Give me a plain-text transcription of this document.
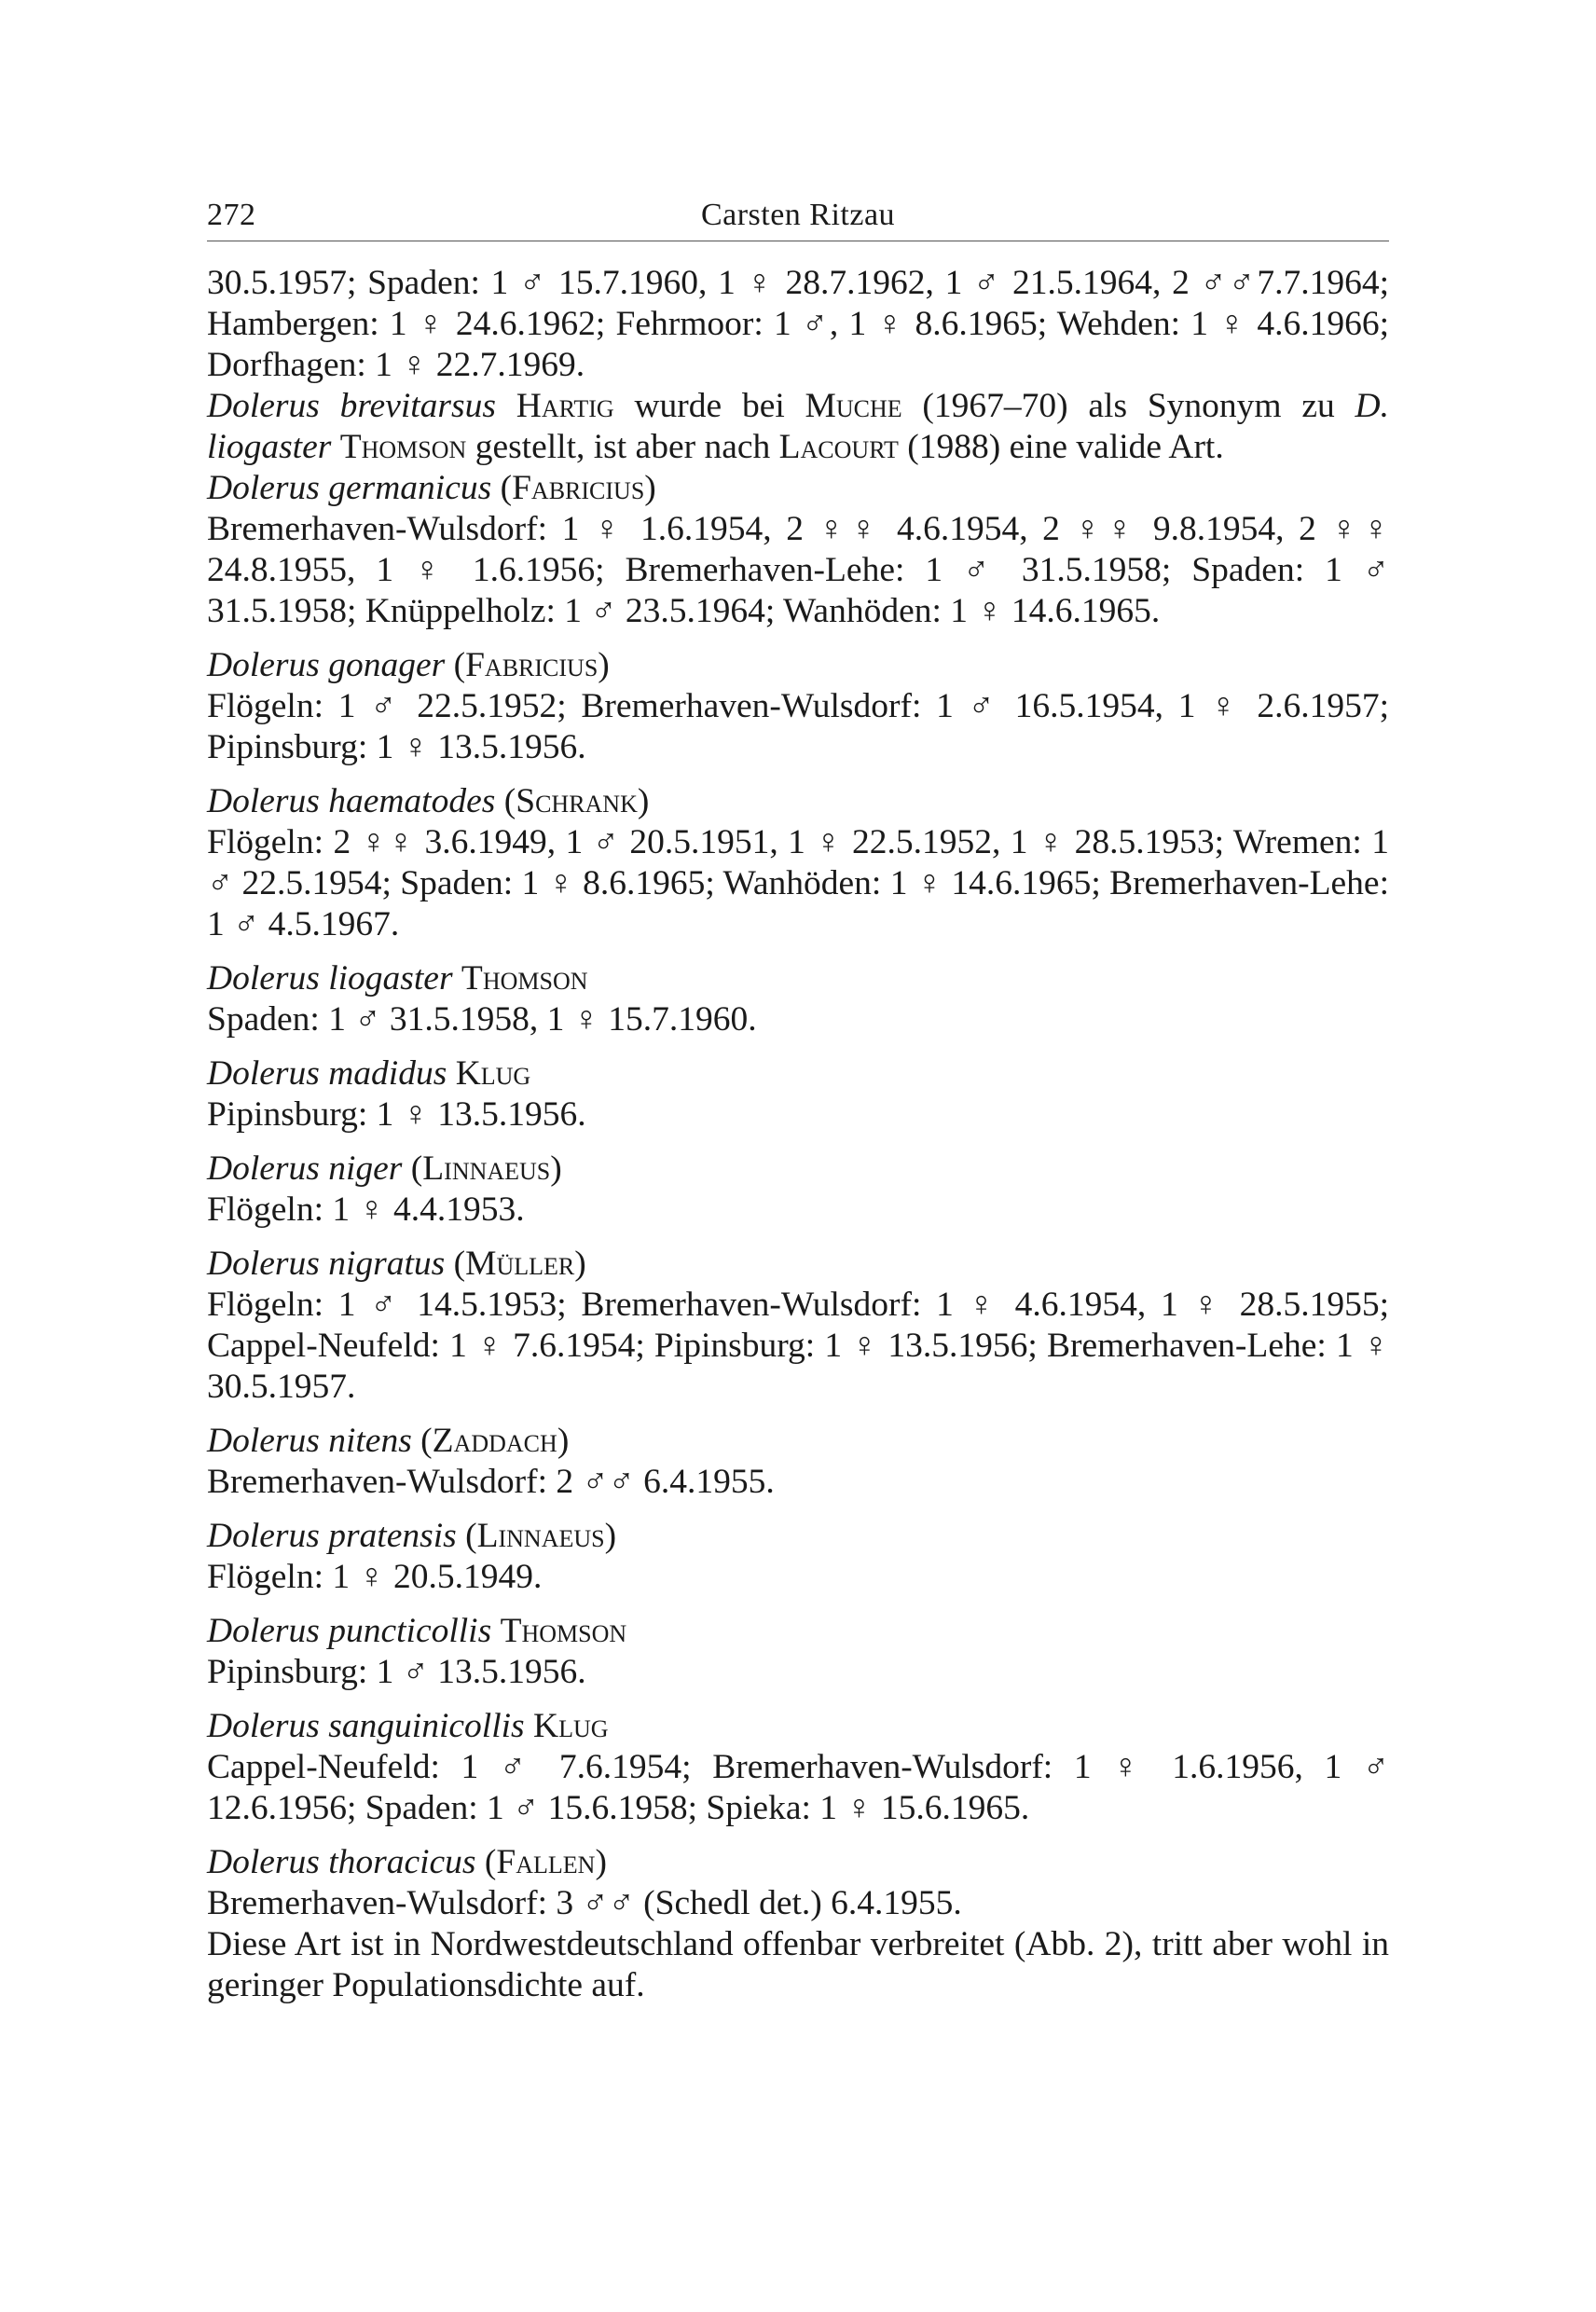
272	Carsten Ritzau

30.5.1957; Spaden: 1 ♂ 15.7.1960, 1 ♀ 28.7.1962, 1 ♂ 21.5.1964, 2 ♂♂7.7.1964; Hambergen: 1 ♀ 24.6.1962; Fehrmoor: 1 ♂, 1 ♀ 8.6.1965; Wehden: 1 ♀ 4.6.1966; Dorfhagen: 1 ♀ 22.7.1969.

Dolerus brevitarsus Hartig wurde bei Muche (1967–70) als Synonym zu D. liogaster Thomson gestellt, ist aber nach Lacourt (1988) eine valide Art.

Dolerus germanicus (Fabricius)

Bremerhaven-Wulsdorf: 1 ♀ 1.6.1954, 2 ♀♀ 4.6.1954, 2 ♀♀ 9.8.1954, 2 ♀♀ 24.8.1955, 1 ♀ 1.6.1956; Bremerhaven-Lehe: 1 ♂ 31.5.1958; Spaden: 1 ♂ 31.5.1958; Knüppelholz: 1 ♂ 23.5.1964; Wanhöden: 1 ♀ 14.6.1965.

Dolerus gonager (Fabricius)

Flögeln: 1 ♂ 22.5.1952; Bremerhaven-Wulsdorf: 1 ♂ 16.5.1954, 1 ♀ 2.6.1957; Pipinsburg: 1 ♀ 13.5.1956.

Dolerus haematodes (Schrank)

Flögeln: 2 ♀♀ 3.6.1949, 1 ♂ 20.5.1951, 1 ♀ 22.5.1952, 1 ♀ 28.5.1953; Wremen: 1 ♂ 22.5.1954; Spaden: 1 ♀ 8.6.1965; Wanhöden: 1 ♀ 14.6.1965; Bremerhaven-Lehe: 1 ♂ 4.5.1967.

Dolerus liogaster Thomson

Spaden: 1 ♂ 31.5.1958, 1 ♀ 15.7.1960.

Dolerus madidus Klug

Pipinsburg: 1 ♀ 13.5.1956.

Dolerus niger (Linnaeus)

Flögeln: 1 ♀ 4.4.1953.

Dolerus nigratus (Müller)

Flögeln: 1 ♂ 14.5.1953; Bremerhaven-Wulsdorf: 1 ♀ 4.6.1954, 1 ♀ 28.5.1955; Cappel-Neufeld: 1 ♀ 7.6.1954; Pipinsburg: 1 ♀ 13.5.1956; Bremerhaven-Lehe: 1 ♀ 30.5.1957.

Dolerus nitens (Zaddach)

Bremerhaven-Wulsdorf: 2 ♂♂ 6.4.1955.

Dolerus pratensis (Linnaeus)

Flögeln: 1 ♀ 20.5.1949.

Dolerus puncticollis Thomson

Pipinsburg: 1 ♂ 13.5.1956.

Dolerus sanguinicollis Klug

Cappel-Neufeld: 1 ♂ 7.6.1954; Bremerhaven-Wulsdorf: 1 ♀ 1.6.1956, 1 ♂ 12.6.1956; Spaden: 1 ♂ 15.6.1958; Spieka: 1 ♀ 15.6.1965.

Dolerus thoracicus (Fallen)

Bremerhaven-Wulsdorf: 3 ♂♂ (Schedl det.) 6.4.1955.

Diese Art ist in Nordwestdeutschland offenbar verbreitet (Abb. 2), tritt aber wohl in geringer Populationsdichte auf.
